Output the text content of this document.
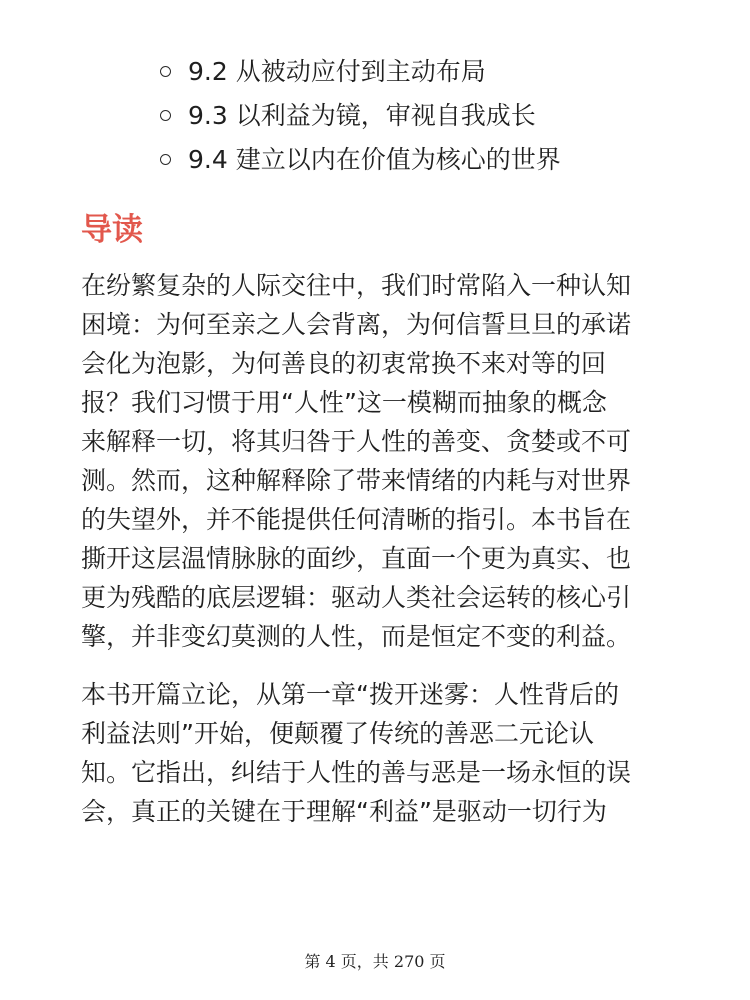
9.2 从被动应付到主动布局
9.3 以利益为镜，审视自我成长
9.4 建立以内在价值为核心的世界
导读
在纷繁复杂的人际交往中，我们时常陷入一种认知
困境：为何至亲之人会背离，为何信誓旦旦的承诺
会化为泡影，为何善良的初衷常换不来对等的回
报？我们习惯于用“人性”这一模糊而抽象的概念
来解释一切，将其归咎于人性的善变、贪婪或不可
测。然而，这种解释除了带来情绪的内耗与对世界
的失望外，并不能提供任何清晰的指引。本书旨在
撕开这层温情脉脉的面纱，直面一个更为真实、也
更为残酷的底层逻辑：驱动人类社会运转的核心引
擎，并非变幻莫测的人性，而是恒定不变的利益。
本书开篇立论，从第一章“拨开迷雾：人性背后的
利益法则”开始，便颠覆了传统的善恶二元论认
知。它指出，纠结于人性的善与恶是一场永恒的误
会，真正的关键在于理解“利益”是驱动一切行为
第 4 页，共 270 页
